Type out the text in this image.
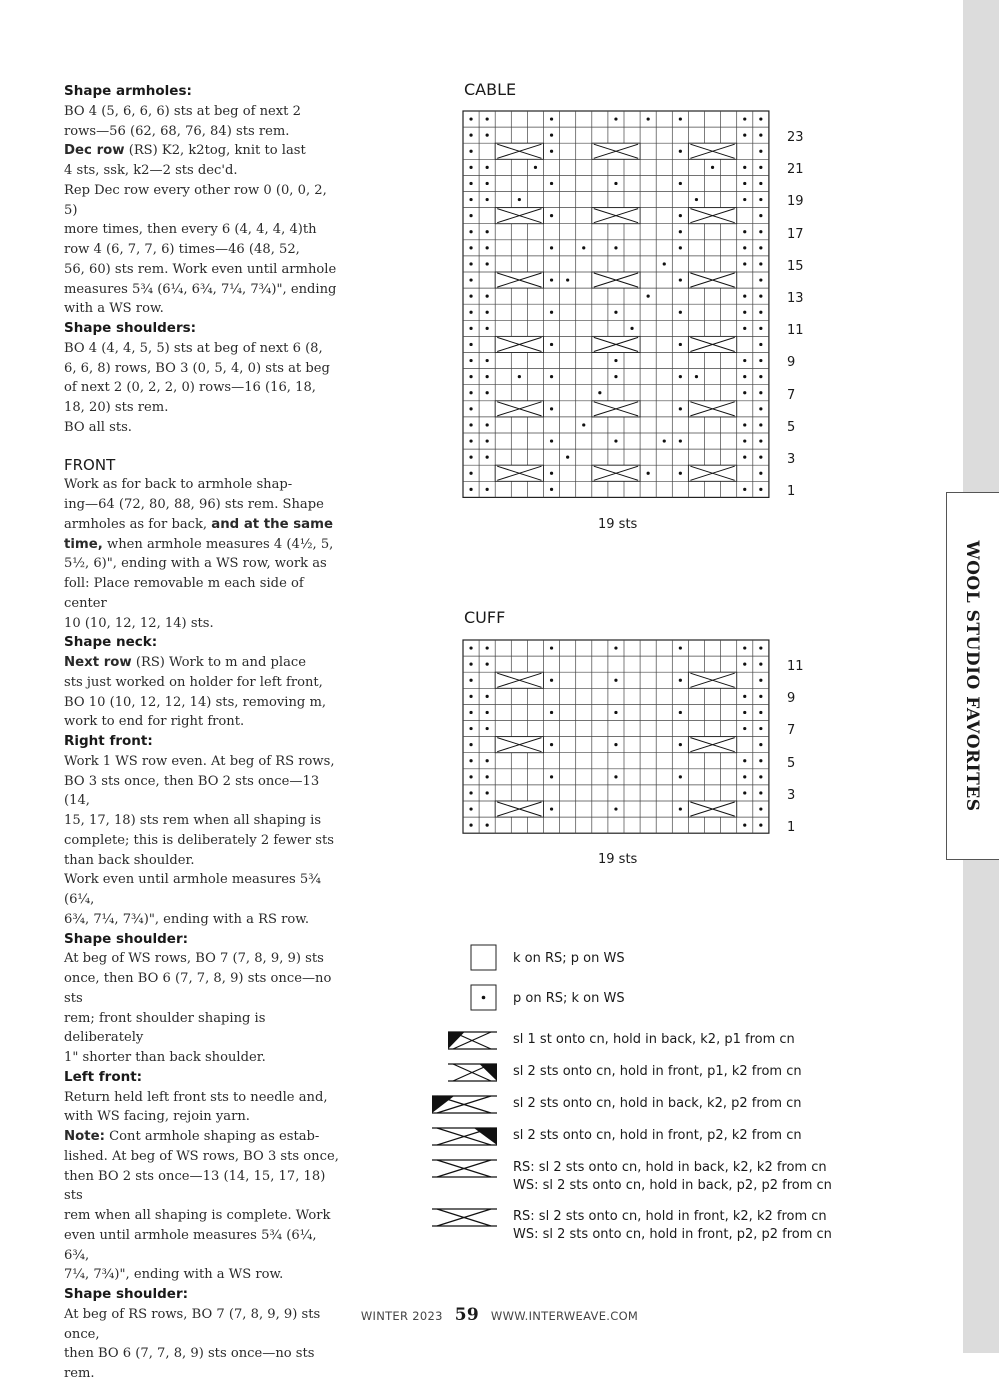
WOOL STUDIO FAVORITES

Shape armholes:

BO 4 (5, 6, 6, 6) sts at beg of next 2

rows—56 (62, 68, 76, 84) sts rem.

Dec row (RS) K2, k2tog, knit to last

4 sts, ssk, k2—2 sts dec'd.

Rep Dec row every other row 0 (0, 0, 2, 5)

more times, then every 6 (4, 4, 4, 4)th

row 4 (6, 7, 7, 6) times—46 (48, 52,

56, 60) sts rem. Work even until armhole

measures 5¾ (6¼, 6¾, 7¼, 7¾)", ending

with a WS row.

Shape shoulders:

BO 4 (4, 4, 5, 5) sts at beg of next 6 (8,

6, 6, 8) rows, BO 3 (0, 5, 4, 0) sts at beg

of next 2 (0, 2, 2, 0) rows—16 (16, 18,

18, 20) sts rem.

BO all sts.

FRONT

Work as for back to armhole shap-

ing—64 (72, 80, 88, 96) sts rem. Shape

armholes as for back, and at the same

time, when armhole measures 4 (4½, 5,

5½, 6)", ending with a WS row, work as

foll: Place removable m each side of center

10 (10, 12, 12, 14) sts.

Shape neck:

Next row (RS) Work to m and place

sts just worked on holder for left front,

BO 10 (10, 12, 12, 14) sts, removing m,

work to end for right front.

Right front:

Work 1 WS row even. At beg of RS rows,

BO 3 sts once, then BO 2 sts once—13 (14,

15, 17, 18) sts rem when all shaping is

complete; this is deliberately 2 fewer sts

than back shoulder.

Work even until armhole measures 5¾ (6¼,

6¾, 7¼, 7¾)", ending with a RS row.

Shape shoulder:

At beg of WS rows, BO 7 (7, 8, 9, 9) sts

once, then BO 6 (7, 7, 8, 9) sts once—no sts

rem; front shoulder shaping is deliberately

1" shorter than back shoulder.

Left front:

Return held left front sts to needle and,

with WS facing, rejoin yarn.

Note: Cont armhole shaping as estab-

lished. At beg of WS rows, BO 3 sts once,

then BO 2 sts once—13 (14, 15, 17, 18) sts

rem when all shaping is complete. Work

even until armhole measures 5¾ (6¼, 6¾,

7¼, 7¾)", ending with a WS row.

Shape shoulder:

At beg of RS rows, BO 7 (7, 8, 9, 9) sts once,

then BO 6 (7, 7, 8, 9) sts once—no sts rem.

CABLE
23
21
19
17
15
13
11
9
7
5
3
1
19 sts
CUFF
11
9
7
5
3
1
19 sts
k on RS; p on WS
p on RS; k on WS
sl 1 st onto cn, hold in back, k2, p1 from cn
sl 2 sts onto cn, hold in front, p1, k2 from cn
sl 2 sts onto cn, hold in back, k2, p2 from cn
sl 2 sts onto cn, hold in front, p2, k2 from cn
RS: sl 2 sts onto cn, hold in back, k2, k2 from cn
WS: sl 2 sts onto cn, hold in back, p2, p2 from cn
RS: sl 2 sts onto cn, hold in front, k2, k2 from cn
WS: sl 2 sts onto cn, hold in front, p2, p2 from cn
WINTER 2023 59 WWW.INTERWEAVE.COM
